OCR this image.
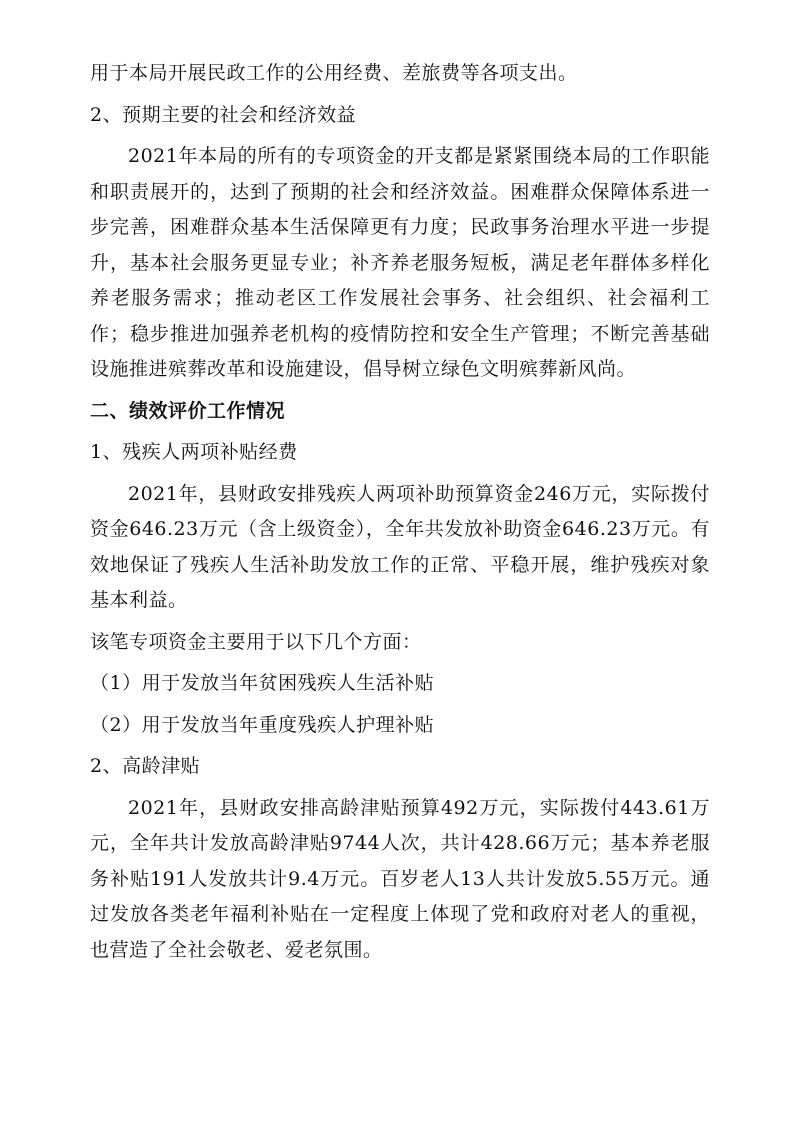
用于本局开展民政工作的公用经费、差旅费等各项支出。

2、预期主要的社会和经济效益

2021年本局的所有的专项资金的开支都是紧紧围绕本局的工作职能和职责展开的，达到了预期的社会和经济效益。困难群众保障体系进一步完善，困难群众基本生活保障更有力度；民政事务治理水平进一步提升，基本社会服务更显专业；补齐养老服务短板，满足老年群体多样化养老服务需求；推动老区工作发展社会事务、社会组织、社会福利工作；稳步推进加强养老机构的疫情防控和安全生产管理；不断完善基础设施推进殡葬改革和设施建设，倡导树立绿色文明殡葬新风尚。

二、绩效评价工作情况

1、残疾人两项补贴经费

2021年，县财政安排残疾人两项补助预算资金246万元，实际拨付资金646.23万元（含上级资金），全年共发放补助资金646.23万元。有效地保证了残疾人生活补助发放工作的正常、平稳开展，维护残疾对象基本利益。

该笔专项资金主要用于以下几个方面：

（1）用于发放当年贫困残疾人生活补贴

（2）用于发放当年重度残疾人护理补贴

2、高龄津贴

2021年，县财政安排高龄津贴预算492万元，实际拨付443.61万元，全年共计发放高龄津贴9744人次，共计428.66万元；基本养老服务补贴191人发放共计9.4万元。百岁老人13人共计发放5.55万元。通过发放各类老年福利补贴在一定程度上体现了党和政府对老人的重视，也营造了全社会敬老、爱老氛围。
